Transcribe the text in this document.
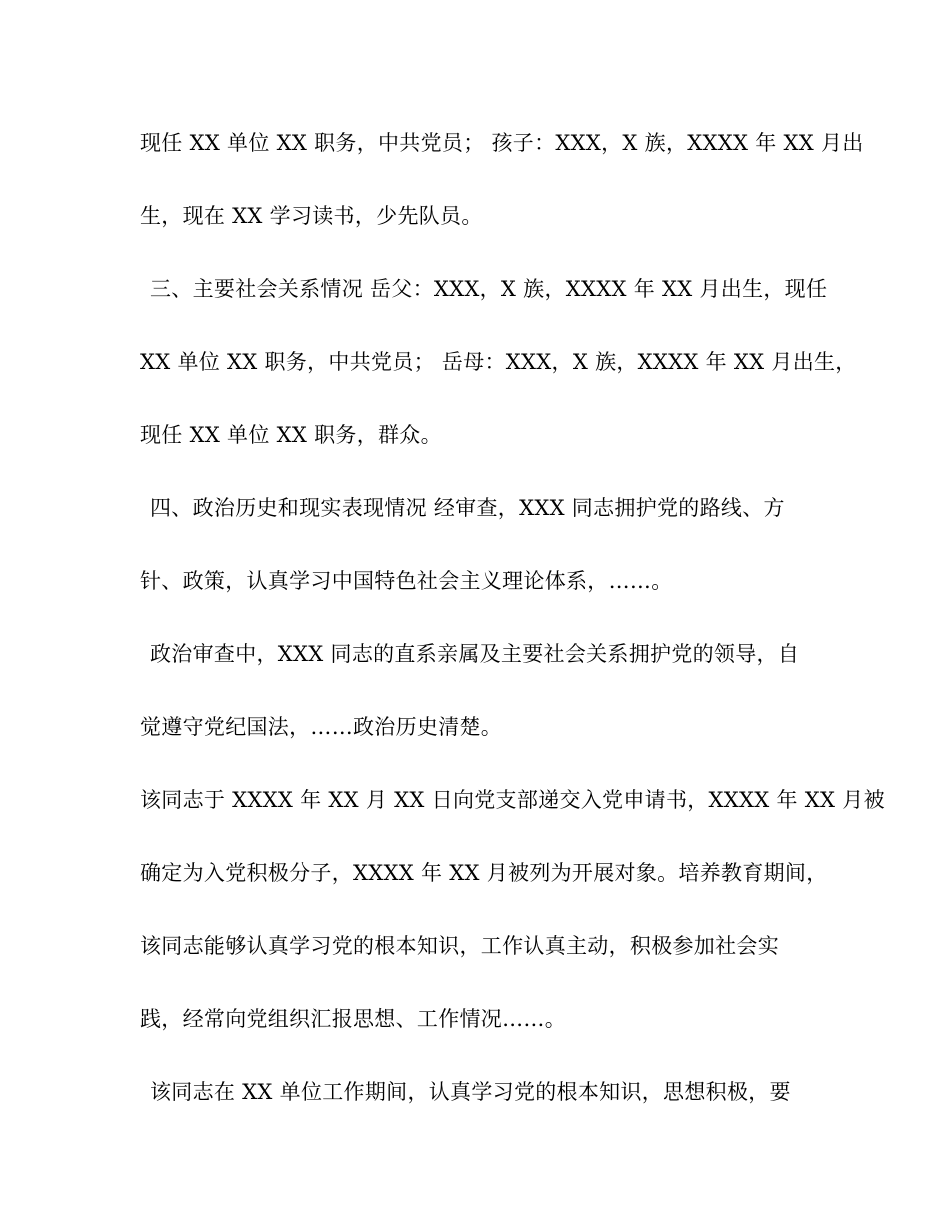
现任 XX 单位 XX 职务，中共党员； 孩子：XXX，X 族，XXXX 年 XX 月出
生，现在 XX 学习读书，少先队员。
三、主要社会关系情况 岳父：XXX，X 族，XXXX 年 XX 月出生，现任
XX 单位 XX 职务，中共党员； 岳母：XXX，X 族，XXXX 年 XX 月出生，
现任 XX 单位 XX 职务，群众。
四、政治历史和现实表现情况 经审查，XXX 同志拥护党的路线、方
针、政策，认真学习中国特色社会主义理论体系，……。
政治审查中，XXX 同志的直系亲属及主要社会关系拥护党的领导，自
觉遵守党纪国法，……政治历史清楚。
该同志于 XXXX 年 XX 月 XX 日向党支部递交入党申请书，XXXX 年 XX 月被
确定为入党积极分子，XXXX 年 XX 月被列为开展对象。培养教育期间，
该同志能够认真学习党的根本知识，工作认真主动，积极参加社会实
践，经常向党组织汇报思想、工作情况……。
该同志在 XX 单位工作期间，认真学习党的根本知识，思想积极，要
